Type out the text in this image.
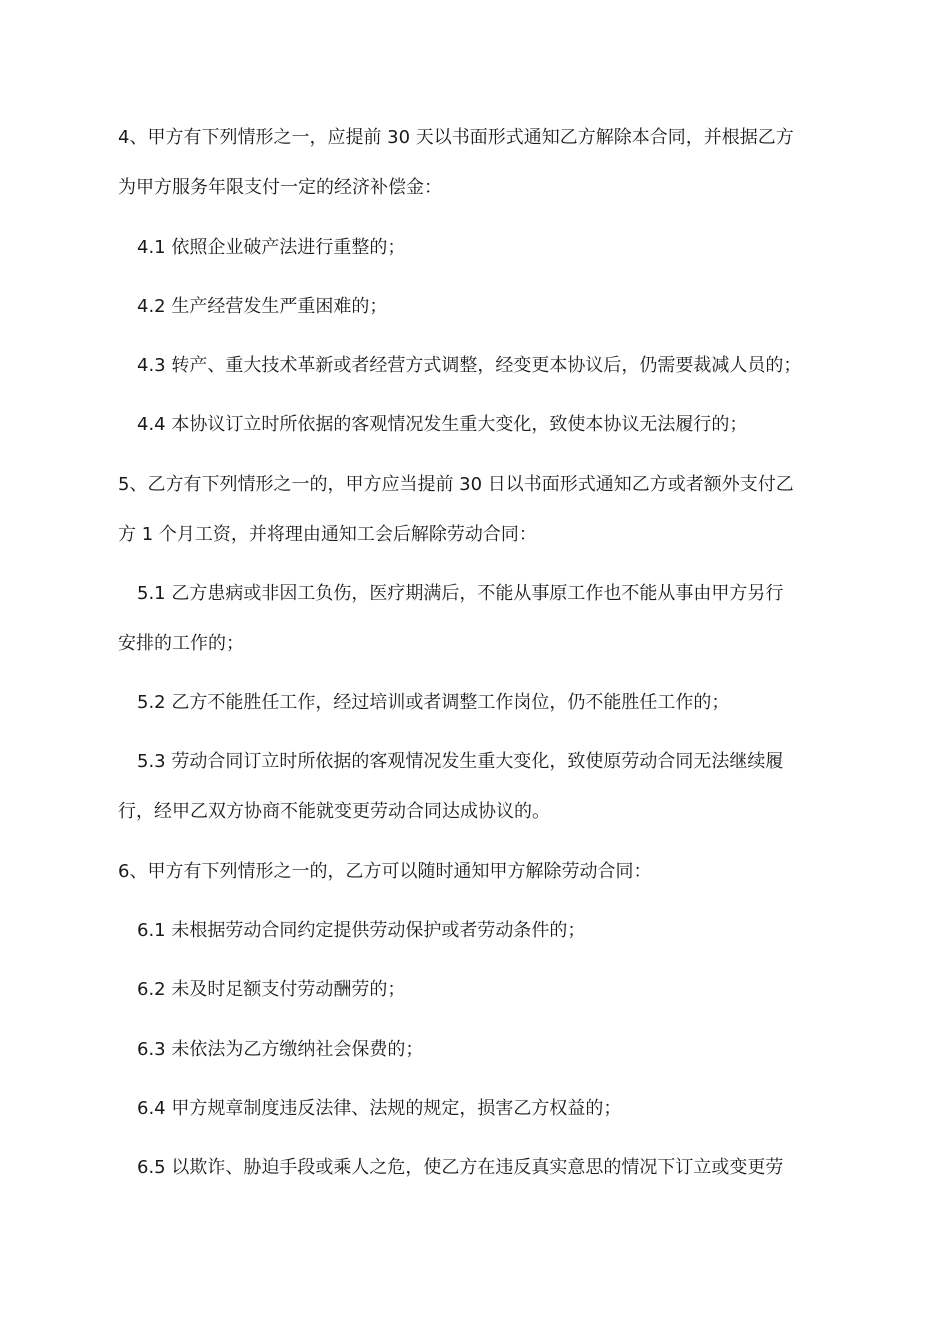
4、甲方有下列情形之一，应提前 30 天以书面形式通知乙方解除本合同，并根据乙方
为甲方服务年限支付一定的经济补偿金：
4.1 依照企业破产法进行重整的；
4.2 生产经营发生严重困难的；
4.3 转产、重大技术革新或者经营方式调整，经变更本协议后，仍需要裁减人员的；
4.4 本协议订立时所依据的客观情况发生重大变化，致使本协议无法履行的；
5、乙方有下列情形之一的，甲方应当提前 30 日以书面形式通知乙方或者额外支付乙
方 1 个月工资，并将理由通知工会后解除劳动合同：
5.1 乙方患病或非因工负伤，医疗期满后，不能从事原工作也不能从事由甲方另行
安排的工作的；
5.2 乙方不能胜任工作，经过培训或者调整工作岗位，仍不能胜任工作的；
5.3 劳动合同订立时所依据的客观情况发生重大变化，致使原劳动合同无法继续履
行，经甲乙双方协商不能就变更劳动合同达成协议的。
6、甲方有下列情形之一的，乙方可以随时通知甲方解除劳动合同：
6.1 未根据劳动合同约定提供劳动保护或者劳动条件的；
6.2 未及时足额支付劳动酬劳的；
6.3 未依法为乙方缴纳社会保费的；
6.4 甲方规章制度违反法律、法规的规定，损害乙方权益的；
6.5 以欺诈、胁迫手段或乘人之危，使乙方在违反真实意思的情况下订立或变更劳
